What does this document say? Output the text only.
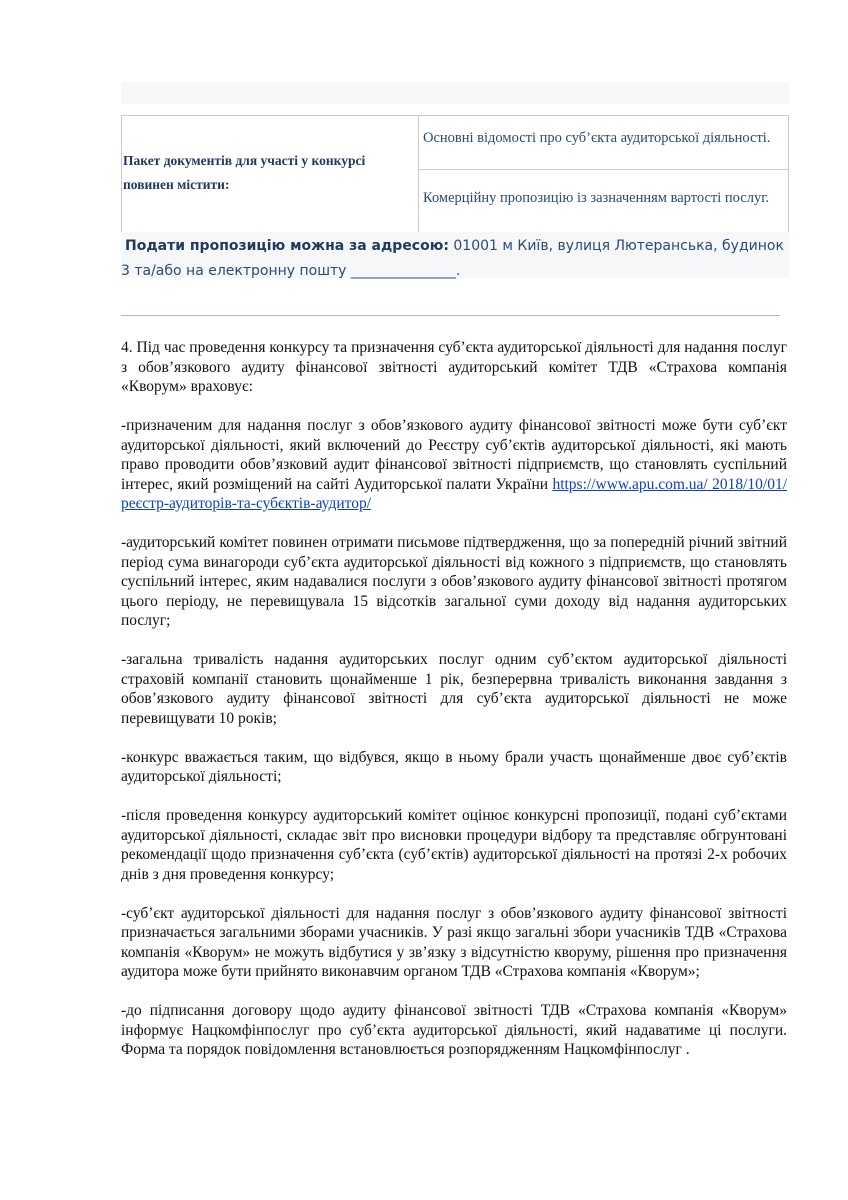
Пакет документів для участі у конкурсі повинен містити:	Основні відомості про суб’єкта аудиторської діяльності.
Комерційну пропозицію із зазначенням вартості послуг.
Подати пропозицію можна за адресою: 01001 м Київ, вулиця Лютеранська, будинок 3 та/або на електронну пошту _______________.

4. Під час проведення конкурсу та призначення суб’єкта аудиторської діяльності для надання послуг з обов’язкового аудиту фінансової звітності аудиторський комітет ТДВ «Страхова компанія «Кворум» враховує:

-призначеним для надання послуг з обов’язкового аудиту фінансової звітності може бути суб’єкт аудиторської діяльності, який включений до Реєстру суб’єктів аудиторської діяльності, які мають право проводити обов’язковий аудит фінансової звітності підприємств, що становлять суспільний інтерес, який розміщений на сайті Аудиторської палати України https://www.apu.com.ua/ 2018/10/01/реєстр-аудиторів-та-субєктів-аудитор/

-аудиторський комітет повинен отримати письмове підтвердження, що за попередній річний звітний період сума винагороди суб’єкта аудиторської діяльності від кожного з підприємств, що становлять суспільний інтерес, яким надавалися послуги з обов’язкового аудиту фінансової звітності протягом цього періоду, не перевищувала 15 відсотків загальної суми доходу від надання аудиторських послуг;

-загальна тривалість надання аудиторських послуг одним суб’єктом аудиторської діяльності страховій компанії становить щонайменше 1 рік, безперервна тривалість виконання завдання з обов’язкового аудиту фінансової звітності для суб’єкта аудиторської діяльності не може перевищувати 10 років;

-конкурс вважається таким, що відбувся, якщо в ньому брали участь щонайменше двоє суб’єктів аудиторської діяльності;

-після проведення конкурсу аудиторський комітет оцінює конкурсні пропозиції, подані суб’єктами аудиторської діяльності, складає звіт про висновки процедури відбору та представляє обгрунтовані рекомендації щодо призначення суб’єкта (суб’єктів) аудиторської діяльності на протязі 2-х робочих днів з дня проведення конкурсу;

-суб’єкт аудиторської діяльності для надання послуг з обов’язкового аудиту фінансової звітності призначається загальними зборами учасників. У разі якщо загальні збори учасників ТДВ «Страхова компанія «Кворум» не можуть відбутися у зв’язку з відсутністю кворуму, рішення про призначення аудитора може бути прийнято виконавчим органом ТДВ «Страхова компанія «Кворум»;

-до підписання договору щодо аудиту фінансової звітності ТДВ «Страхова компанія «Кворум» інформує Нацкомфінпослуг про суб’єкта аудиторської діяльності, який надаватиме ці послуги. Форма та порядок повідомлення встановлюється розпорядженням Нацкомфінпослуг .
